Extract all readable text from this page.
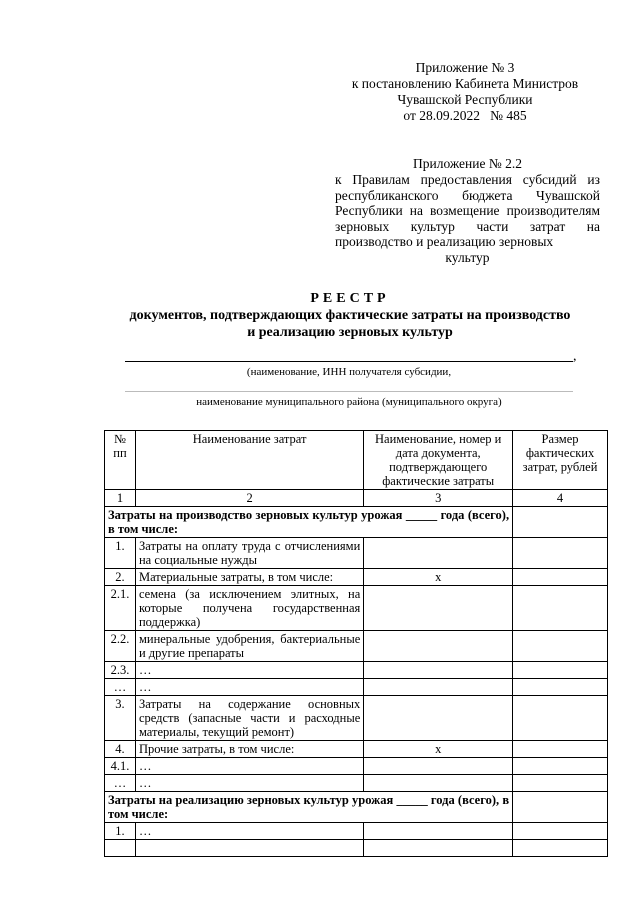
Приложение № 3
к постановлению Кабинета Министров
Чувашской Республики
от 28.09.2022   № 485
Приложение № 2.2
к Правилам предоставления субсидий из республиканского бюджета Чувашской Республики на возмещение производителям зерновых культур части затрат на производство и реализацию зерновых
культур
РЕЕСТР
документов, подтверждающих фактические затраты на производство
и реализацию зерновых культур
,
(наименование, ИНН получателя субсидии,
наименование муниципального района (муниципального округа)
№ пп	Наименование затрат	Наименование, номер и дата документа, подтверждающего фактические затраты	Размер фактических затрат, рублей
1	2	3	4
Затраты на производство зерновых культур урожая _____ года (всего), в том числе:			
1.	Затраты на оплату труда с отчислениями на социальные нужды		
2.	Материальные затраты, в том числе:	х	
2.1.	семена (за исключением элитных, на которые получена государственная поддержка)		
2.2.	минеральные удобрения, бактериальные и другие препараты		
2.3.	…		
…	…		
3.	Затраты на содержание основных средств (запасные части и расходные материалы, текущий ремонт)		
4.	Прочие затраты, в том числе:	х	
4.1.	…		
…	…		
Затраты на реализацию зерновых культур урожая _____ года (всего), в том числе:			
1.	…		
